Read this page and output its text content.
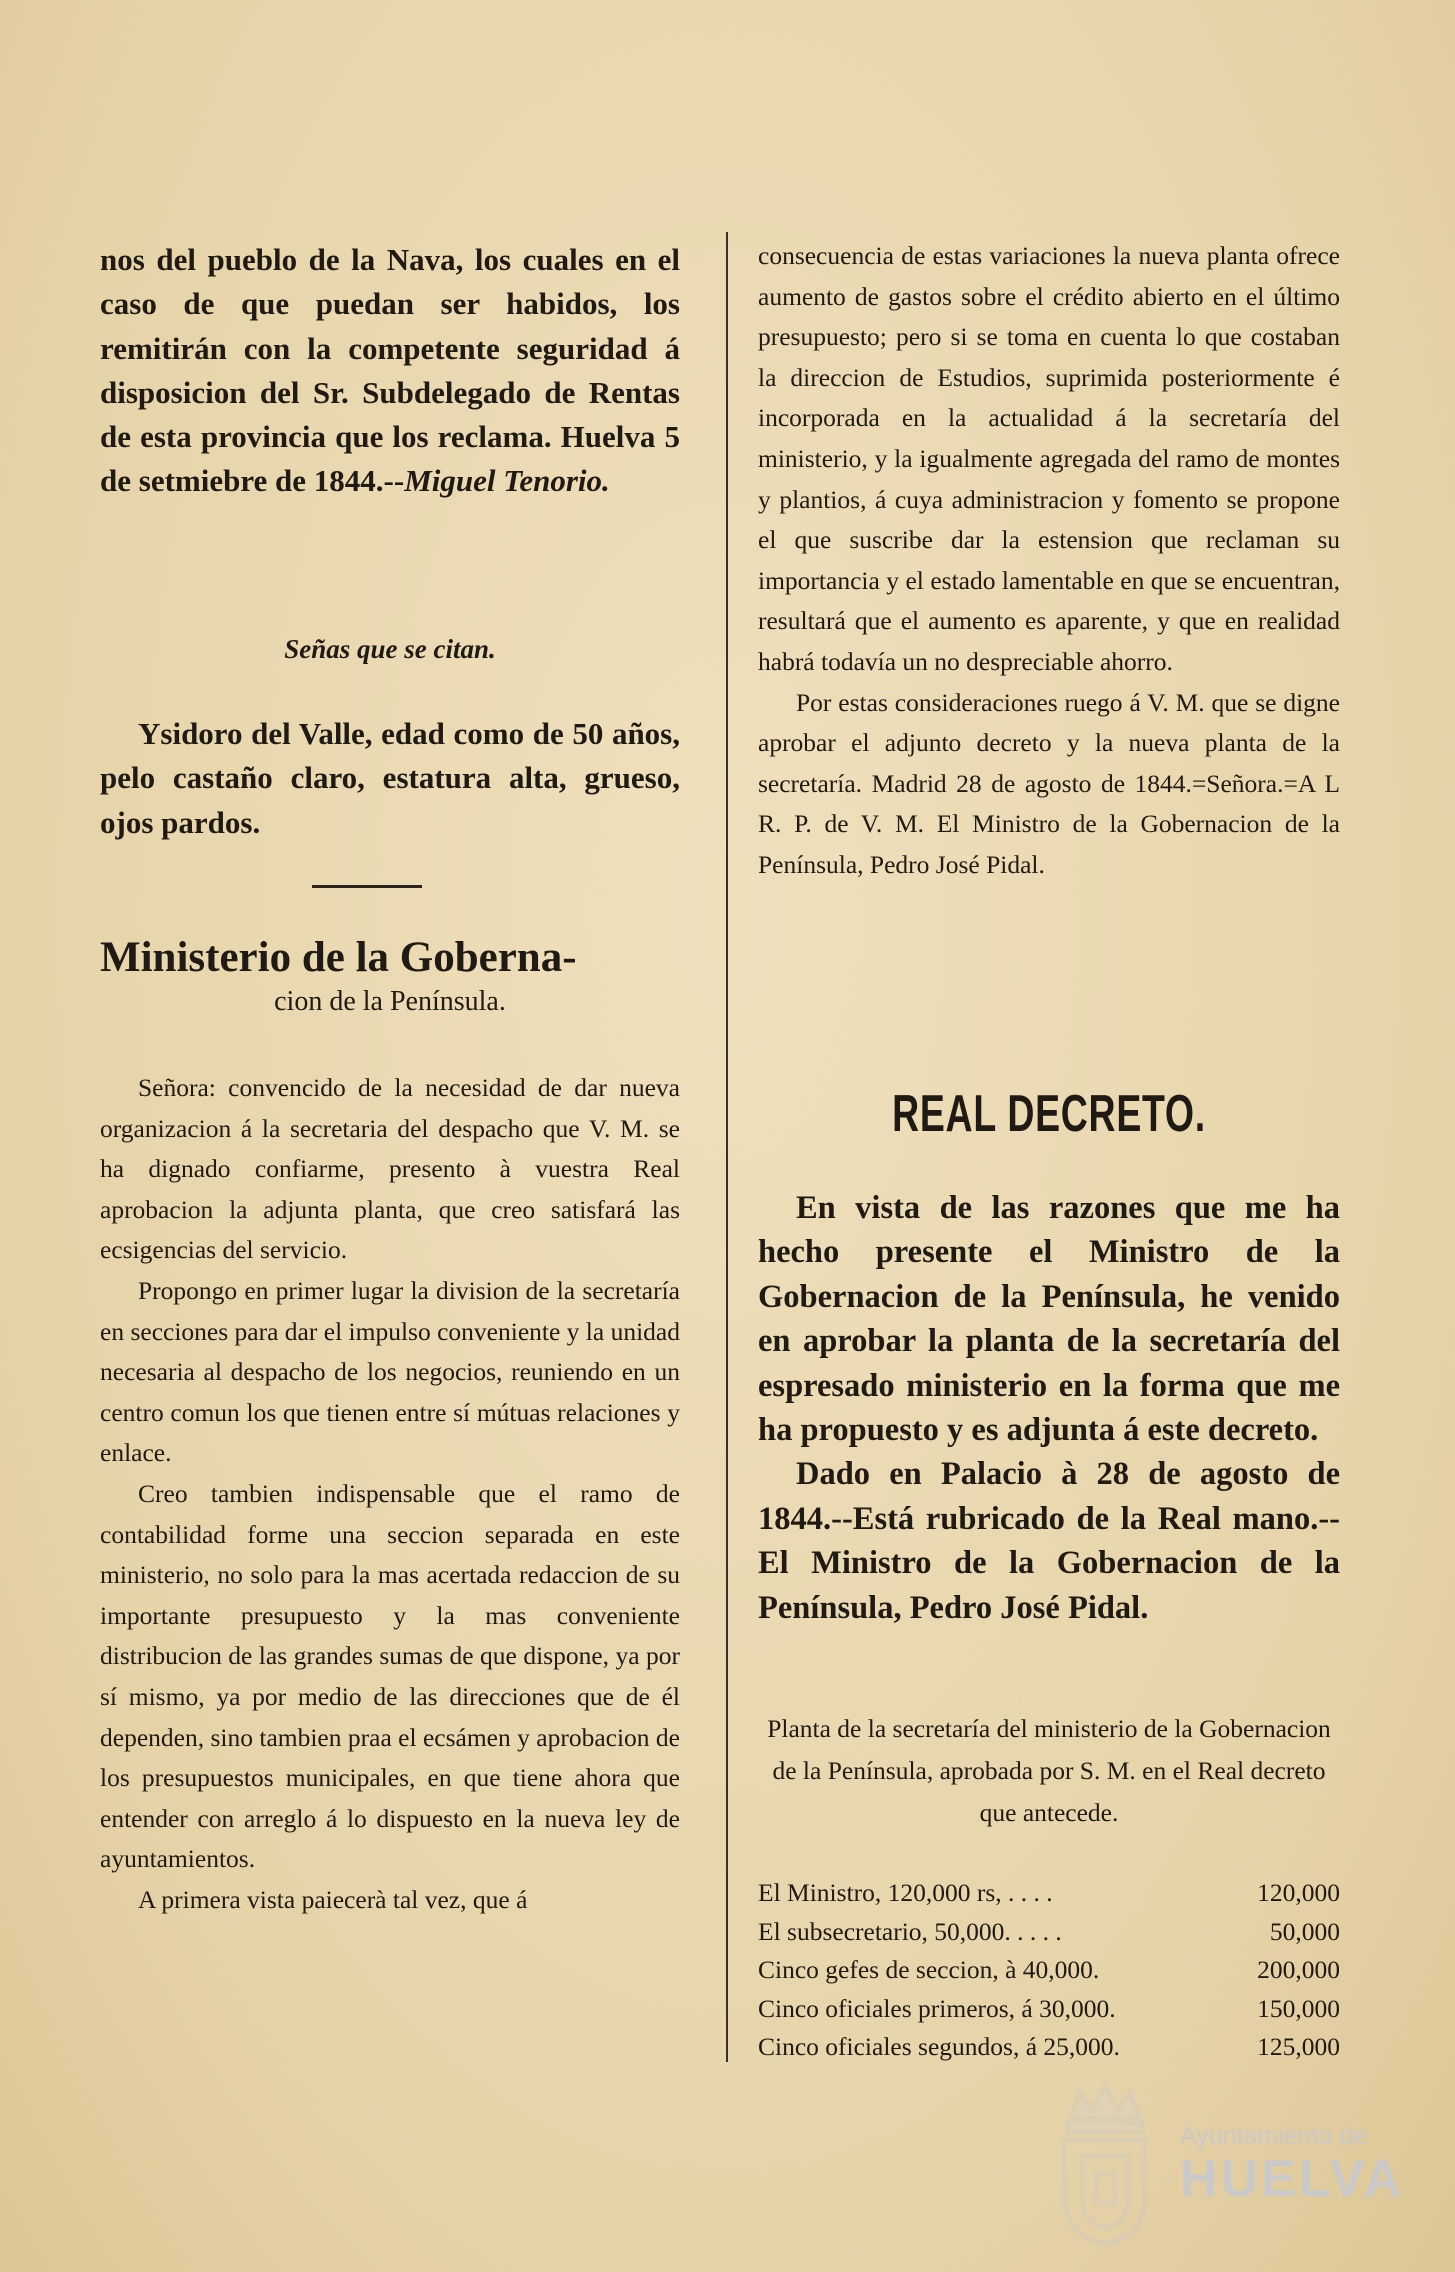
nos del pueblo de la Nava, los cuales en el caso de que puedan ser habidos, los remitirán con la competente seguridad á disposicion del Sr. Subdelegado de Rentas de esta provincia que los reclama. Huelva 5 de setmiebre de 1844.--Miguel Tenorio.

Señas que se citan.

Ysidoro del Valle, edad como de 50 años, pelo castaño claro, estatura alta, grueso, ojos pardos.

Ministerio de la Goberna-
cion de la Península.

Señora: convencido de la necesidad de dar nueva organizacion á la secretaria del despacho que V. M. se ha dignado confiarme, presento à vuestra Real aprobacion la adjunta planta, que creo satisfará las ecsigencias del servicio.

Propongo en primer lugar la division de la secretaría en secciones para dar el impulso conveniente y la unidad necesaria al despacho de los negocios, reuniendo en un centro comun los que tienen entre sí mútuas relaciones y enlace.

Creo tambien indispensable que el ramo de contabilidad forme una seccion separada en este ministerio, no solo para la mas acertada redaccion de su importante presupuesto y la mas conveniente distribucion de las grandes sumas de que dispone, ya por sí mismo, ya por medio de las direcciones que de él dependen, sino tambien praa el ecsámen y aprobacion de los presupuestos municipales, en que tiene ahora que entender con arreglo á lo dispuesto en la nueva ley de ayuntamientos.

A primera vista paiecerà tal vez, que á

consecuencia de estas variaciones la nueva planta ofrece aumento de gastos sobre el crédito abierto en el último presupuesto; pero si se toma en cuenta lo que costaban la direccion de Estudios, suprimida posteriormente é incorporada en la actualidad á la secretaría del ministerio, y la igualmente agregada del ramo de montes y plantios, á cuya administracion y fomento se propone el que suscribe dar la estension que reclaman su importancia y el estado lamentable en que se encuentran, resultará que el aumento es aparente, y que en realidad habrá todavía un no despreciable ahorro.

Por estas consideraciones ruego á V. M. que se digne aprobar el adjunto decreto y la nueva planta de la secretaría. Madrid 28 de agosto de 1844.=Señora.=A L R. P. de V. M. El Ministro de la Gobernacion de la Península, Pedro José Pidal.

REAL DECRETO.

En vista de las razones que me ha hecho presente el Ministro de la Gobernacion de la Península, he venido en aprobar la planta de la secretaría del espresado ministerio en la forma que me ha propuesto y es adjunta á este decreto.

Dado en Palacio à 28 de agosto de 1844.--Está rubricado de la Real mano.--El Ministro de la Gobernacion de la Península, Pedro José Pidal.

Planta de la secretaría del ministerio de la Gobernacion de la Península, aprobada por S. M. en el Real decreto que antecede.
El Ministro, 120,000 rs, . . . .	120,000
El subsecretario, 50,000. . . . .	50,000
Cinco gefes de seccion, à 40,000.	200,000
Cinco oficiales primeros, á 30,000.	150,000
Cinco oficiales segundos, á 25,000.	125,000
Ayuntamiento de
HUELVA
